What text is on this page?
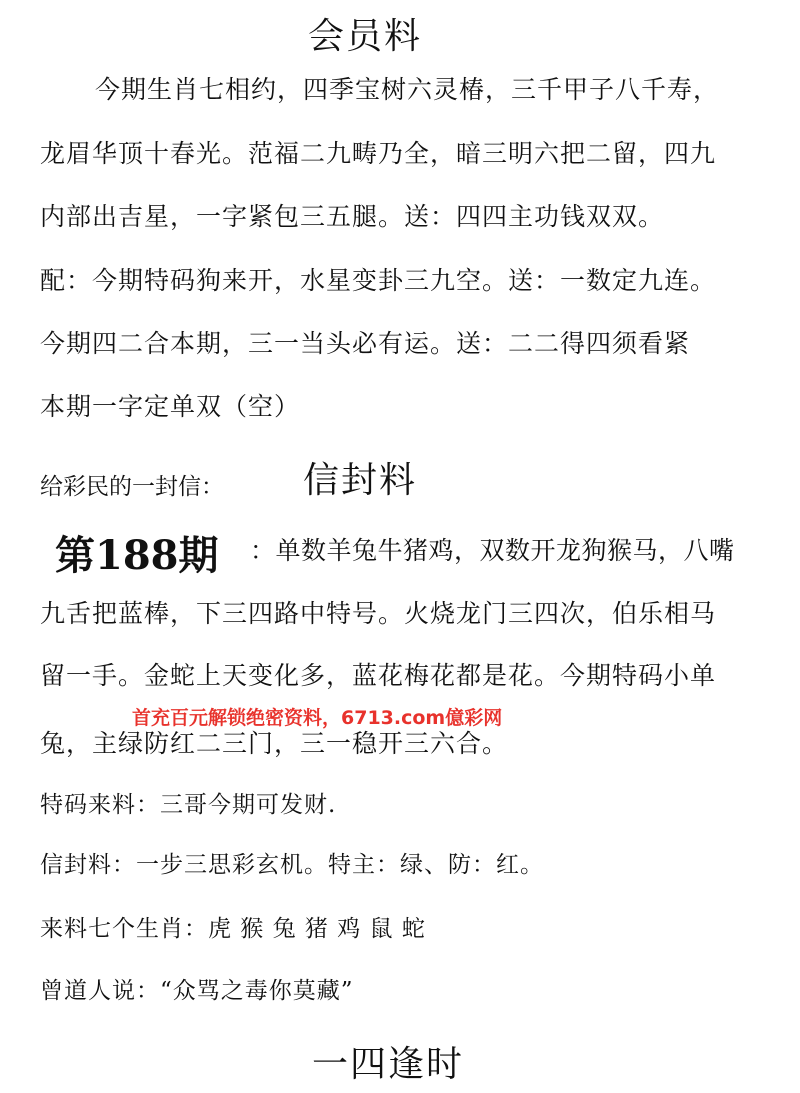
会员料
今期生肖七相约，四季宝树六灵椿，三千甲子八千寿，
龙眉华顶十春光。范福二九畴乃全，暗三明六把二留，四九
内部出吉星，一字紧包三五腿。送：四四主功钱双双。
配：今期特码狗来开，水星变卦三九空。送：一数定九连。
今期四二合本期，三一当头必有运。送：二二得四须看紧
本期一字定单双（空）
给彩民的一封信： 信封料
第188期 ：单数羊兔牛猪鸡，双数开龙狗猴马，八嘴
九舌把蓝棒，下三四路中特号。火烧龙门三四次，伯乐相马
留一手。金蛇上天变化多，蓝花梅花都是花。今期特码小单
兔，主绿防红二三门，三一稳开三六合。
首充百元解锁绝密资料，6713.com億彩网
特码来料：三哥今期可发财.
信封料：一步三思彩玄机。特主：绿、防：红。
来料七个生肖：虎 猴 兔 猪 鸡 鼠 蛇
曾道人说：“众骂之毒你莫藏”
一四逢时
